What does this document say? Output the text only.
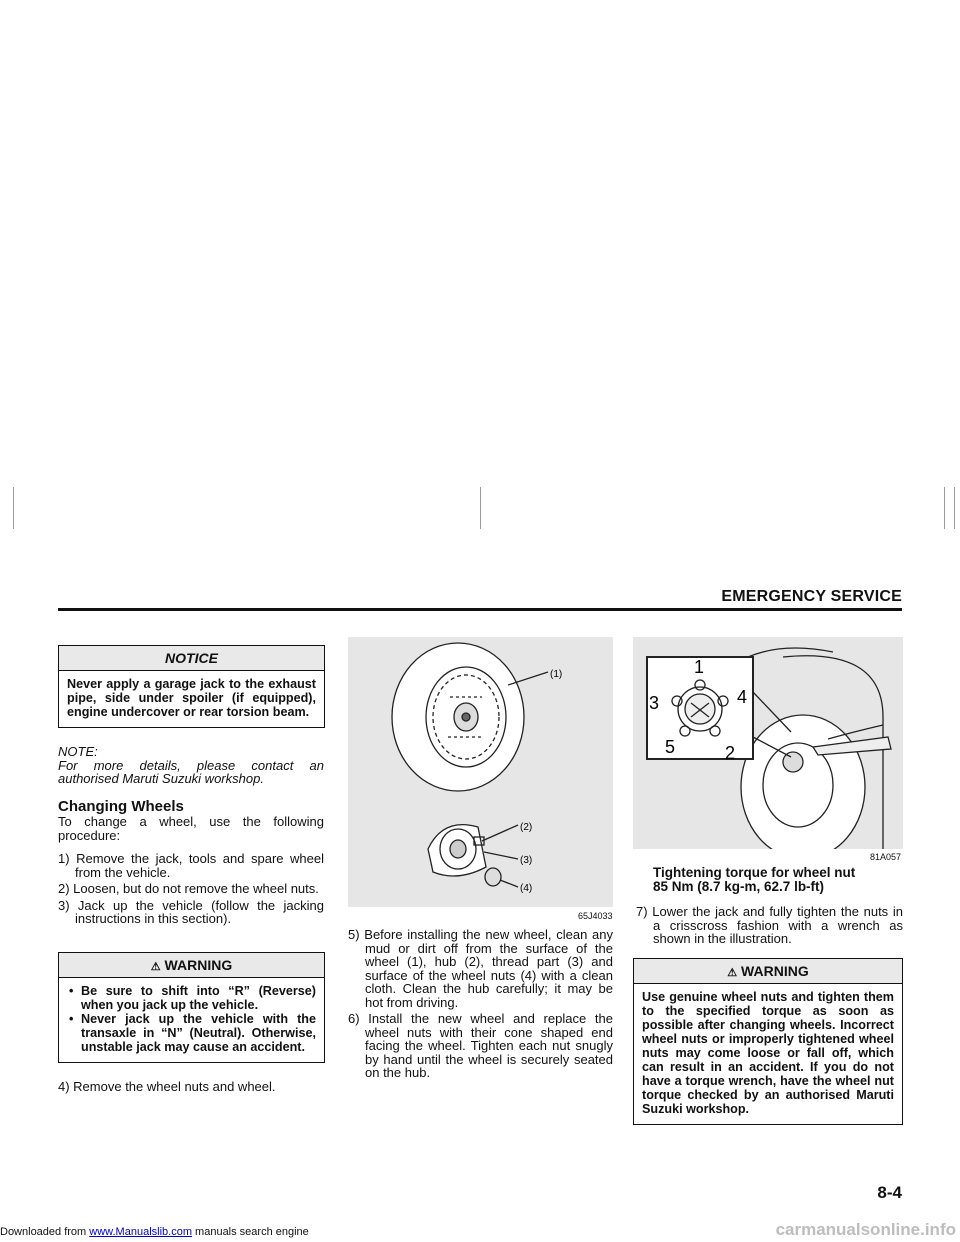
EMERGENCY SERVICE
NOTICE
Never apply a garage jack to the exhaust pipe, side under spoiler (if equipped), engine undercover or rear torsion beam.
NOTE:
For more details, please contact an authorised Maruti Suzuki workshop.
Changing Wheels
To change a wheel, use the following procedure:
1) Remove the jack, tools and spare wheel from the vehicle.
2) Loosen, but do not remove the wheel nuts.
3) Jack up the vehicle (follow the jacking instructions in this section).
⚠ WARNING
• Be sure to shift into “R” (Reverse) when you jack up the vehicle.
• Never jack up the vehicle with the transaxle in “N” (Neutral). Otherwise, unstable jack may cause an accident.
4) Remove the wheel nuts and wheel.
(1)
(2)
(3)
(4)
65J4033
5) Before installing the new wheel, clean any mud or dirt off from the surface of the wheel (1), hub (2), thread part (3) and surface of the wheel nuts (4) with a clean cloth. Clean the hub carefully; it may be hot from driving.
6) Install the new wheel and replace the wheel nuts with their cone shaped end facing the wheel. Tighten each nut snugly by hand until the wheel is securely seated on the hub.
1
3	4
5	2
81A057
Tightening torque for wheel nut
85 Nm (8.7 kg-m, 62.7 lb-ft)
7) Lower the jack and fully tighten the nuts in a crisscross fashion with a wrench as shown in the illustration.
⚠ WARNING
Use genuine wheel nuts and tighten them to the specified torque as soon as possible after changing wheels. Incorrect wheel nuts or improperly tightened wheel nuts may come loose or fall off, which can result in an accident. If you do not have a torque wrench, have the wheel nut torque checked by an authorised Maruti Suzuki workshop.
8-4
Downloaded from www.Manualslib.com manuals search engine	carmanualsonline.info
